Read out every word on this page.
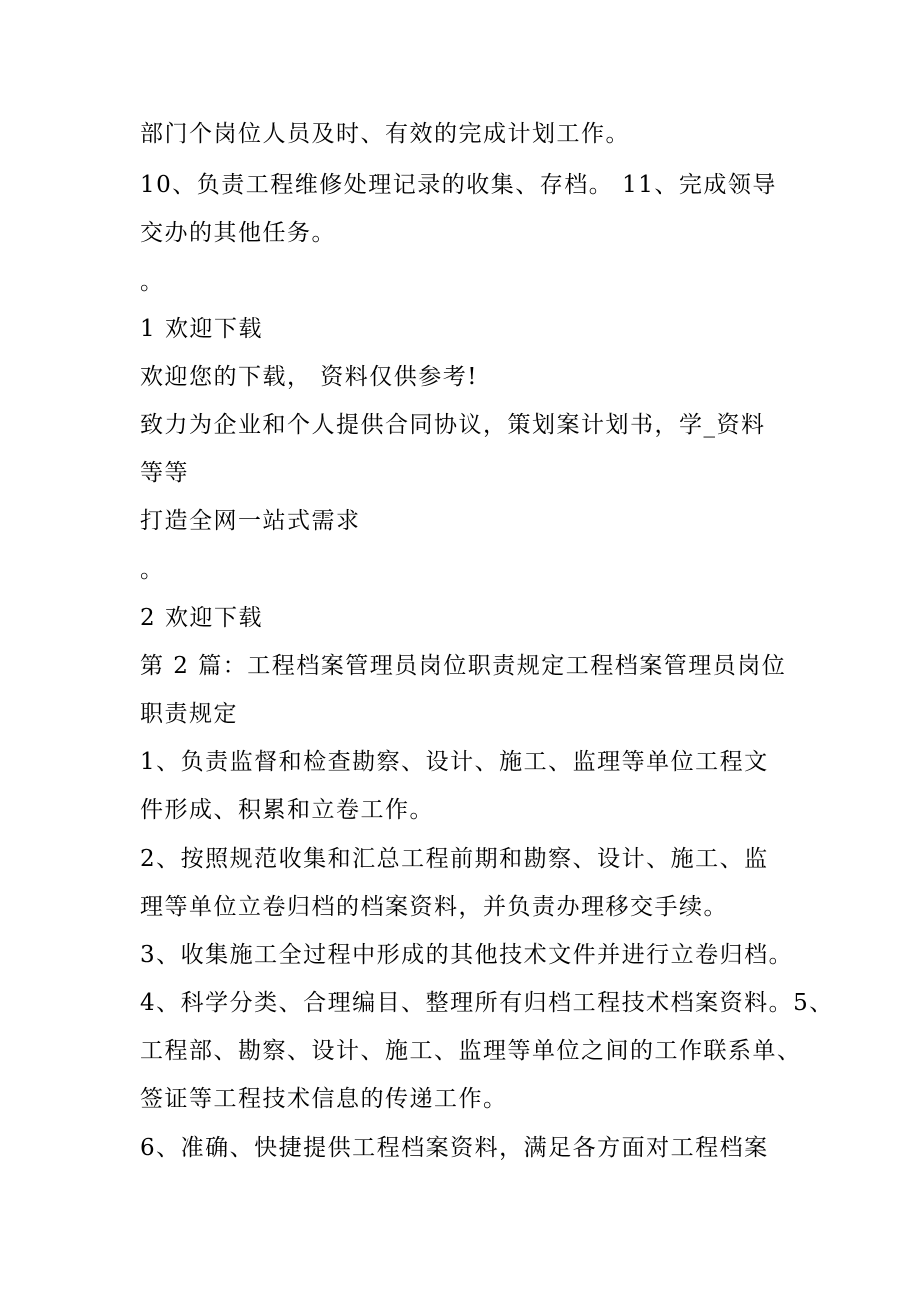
部门个岗位人员及时、有效的完成计划工作。
10、负责工程维修处理记录的收集、存档。 11、完成领导
交办的其他任务。
。
1 欢迎下载
欢迎您的下载， 资料仅供参考!
致力为企业和个人提供合同协议，策划案计划书，学_资料
等等
打造全网一站式需求
。
2 欢迎下载
第 2 篇：工程档案管理员岗位职责规定工程档案管理员岗位
职责规定
1、负责监督和检查勘察、设计、施工、监理等单位工程文
件形成、积累和立卷工作。
2、按照规范收集和汇总工程前期和勘察、设计、施工、监
理等单位立卷归档的档案资料，并负责办理移交手续。
3、收集施工全过程中形成的其他技术文件并进行立卷归档。
4、科学分类、合理编目、整理所有归档工程技术档案资料。5、
工程部、勘察、设计、施工、监理等单位之间的工作联系单、
签证等工程技术信息的传递工作。
6、准确、快捷提供工程档案资料，满足各方面对工程档案
